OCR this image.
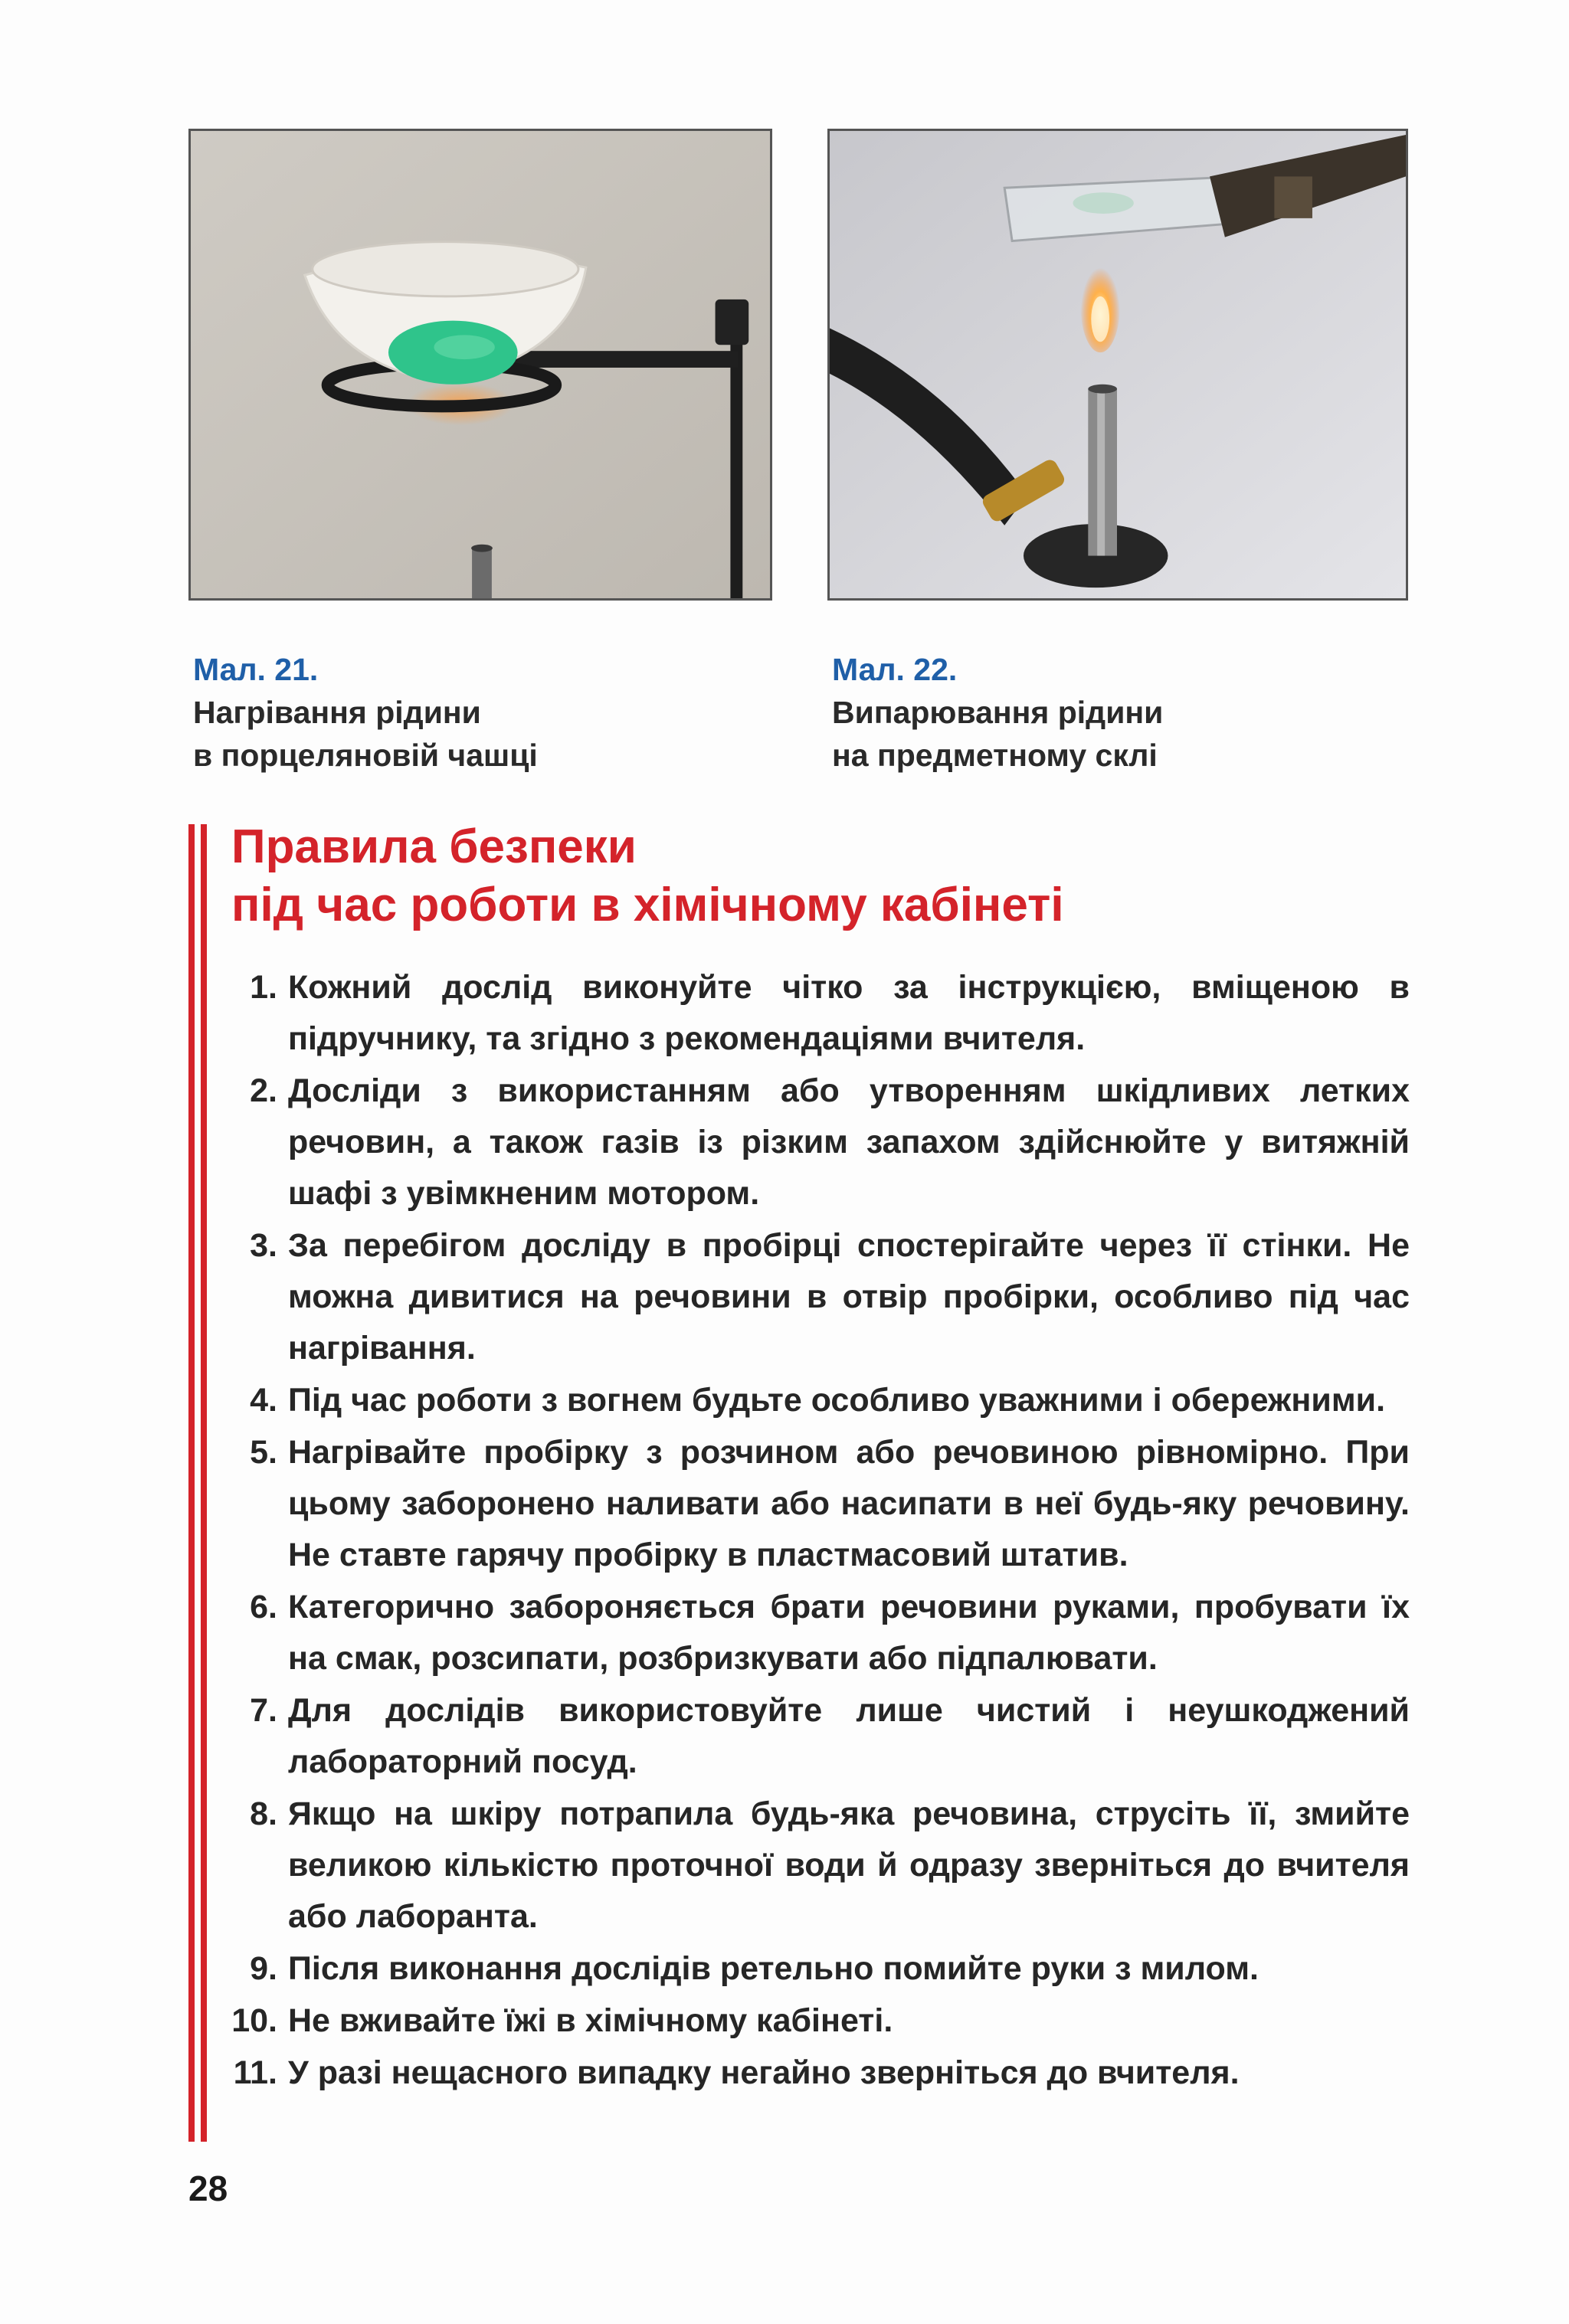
Мал. 21.
Нагрівання рідини
в порцеляновій чашці
Мал. 22.
Випарювання рідини
на предметному склі
Правила безпеки
під час роботи в хімічному кабінеті
1. Кожний дослід виконуйте чітко за інструкцією, вміщеною в підручнику, та згідно з рекомендаціями вчителя.
2. Досліди з використанням або утворенням шкідливих летких речовин, а також газів із різким запахом здійснюйте у витяжній шафі з увімкненим мотором.
3. За перебігом досліду в пробірці спостерігайте через її стінки. Не можна дивитися на речовини в отвір пробірки, особливо під час нагрівання.
4. Під час роботи з вогнем будьте особливо уважними і обережними.
5. Нагрівайте пробірку з розчином або речовиною рівномірно. При цьому заборонено наливати або насипати в неї будь-яку речовину. Не ставте гарячу пробірку в пластмасовий штатив.
6. Категорично забороняється брати речовини руками, пробувати їх на смак, розсипати, розбризкувати або підпалювати.
7. Для дослідів використовуйте лише чистий і неушкоджений лабораторний посуд.
8. Якщо на шкіру потрапила будь-яка речовина, струсіть її, змийте великою кількістю проточної води й одразу зверніться до вчителя або лаборанта.
9. Після виконання дослідів ретельно помийте руки з милом.
10. Не вживайте їжі в хімічному кабінеті.
11. У разі нещасного випадку негайно зверніться до вчителя.
28
